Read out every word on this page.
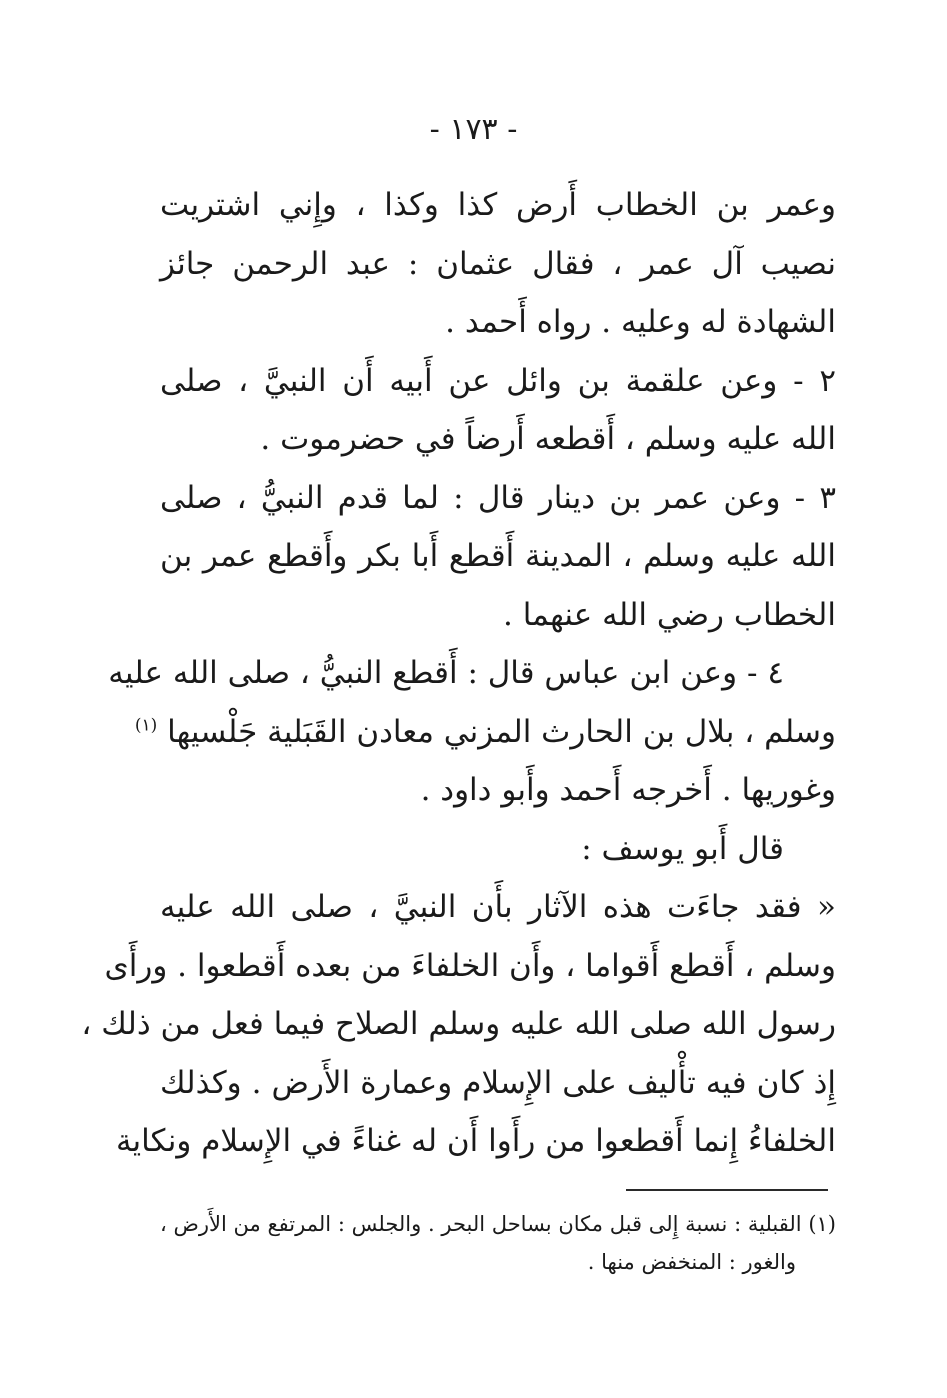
- ١٧٣ -
وعمر بن الخطاب أَرض كذا وكذا ، وإِني اشتريت
نصيب آل عمر ، فقال عثمان : عبد الرحمن جائز
الشهادة له وعليه . رواه أَحمد .
٢ - وعن علقمة بن وائل عن أَبيه أَن النبيَّ ، صلى
الله عليه وسلم ، أَقطعه أَرضاً في حضرموت .
٣ - وعن عمر بن دينار قال : لما قدم النبيُّ ، صلى
الله عليه وسلم ، المدينة أَقطع أَبا بكر وأَقطع عمر بن
الخطاب رضي الله عنهما .
٤ - وعن ابن عباس قال : أَقطع النبيُّ ، صلى الله عليه
وسلم ، بلال بن الحارث المزني معادن القَبَلية جَلْسيها $^{(١)}$
وغوريها . أَخرجه أَحمد وأَبو داود .
قال أَبو يوسف :
« فقد جاءَت هذه الآثار بأَن النبيَّ ، صلى الله عليه
وسلم ، أَقطع أَقواما ، وأَن الخلفاءَ من بعده أَقطعوا . ورأَى
رسول الله صلى الله عليه وسلم الصلاح فيما فعل من ذلك ،
إِذ كان فيه تأْليف على الإِسلام وعمارة الأَرض . وكذلك
الخلفاءُ إِنما أَقطعوا من رأَوا أَن له غناءً في الإِسلام ونكاية
(١) القبلية : نسبة إِلى قبل مكان بساحل البحر . والجلس : المرتفع من الأَرض ،
والغور : المنخفض منها .
